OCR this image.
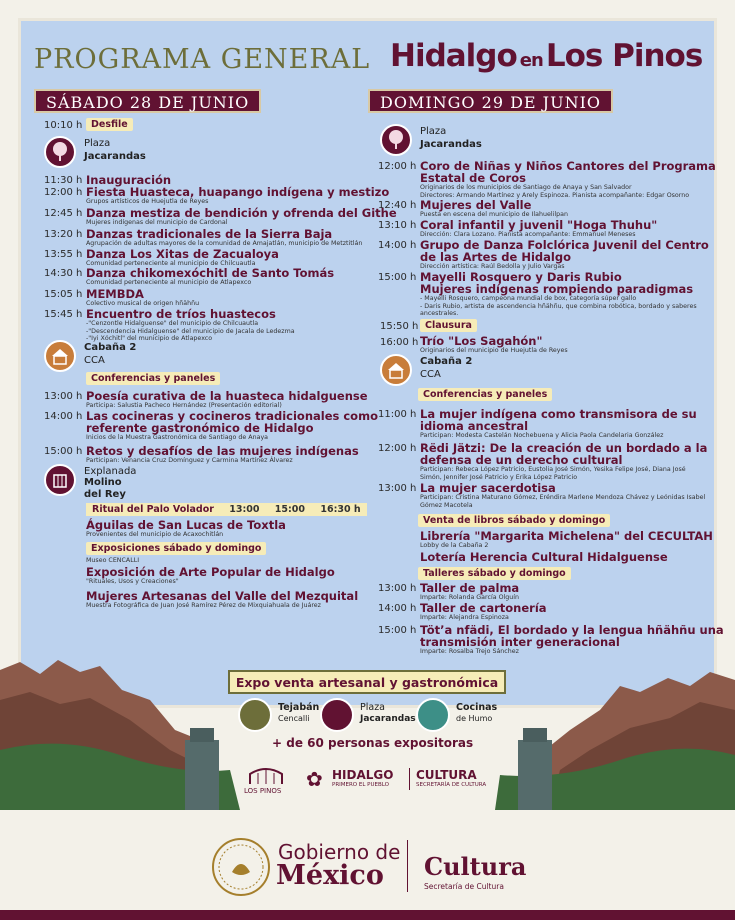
PROGRAMA GENERAL Hidalgo enLos Pinos
SÁBADO 28 DE JUNIO
10:10 h Desfile
Plaza
Jacarandas
11:30 h Inauguración
12:00 h Fiesta Huasteca, huapango indígena y mestizo
Grupos artísticos de Huejutla de Reyes
12:45 h Danza mestiza de bendición y ofrenda del Githe
Mujeres indígenas del municipio de Cardonal
13:20 h Danzas tradicionales de la Sierra Baja
Agrupación de adultas mayores de la comunidad de Amajatlán, municipio de Metztitlán
13:55 h Danza Los Xitas de Zacualoya
Comunidad perteneciente al municipio de Chilcuautla
14:30 h Danza chikomexóchitl de Santo Tomás
Comunidad perteneciente al municipio de Atlapexco
15:05 h MEMBDA
Colectivo musical de origen hñähñu
15:45 h Encuentro de tríos huastecos
-"Cenzontle Hidalguense" del municipio de Chilcuautla
-"Descendencia Hidalguense" del municipio de Jacala de Ledezma
-"Iyi Xóchitl" del municipio de Atlapexco
Cabaña 2
CCA
Conferencias y paneles
13:00 h Poesía curativa de la huasteca hidalguense
Participa: Salustia Pacheco Hernández (Presentación editorial)
14:00 h Las cocineras y cocineros tradicionales como
referente gastronómico de Hidalgo
Inicios de la Muestra Gastronómica de Santiago de Anaya
15:00 h Retos y desafíos de las mujeres indígenas
Participan: Venancia Cruz Domínguez y Carmina Martínez Álvarez
Explanada
Molino
del Rey
Ritual del Palo Volador 13:00 15:00 16:30 h
Águilas de San Lucas de Toxtla
Provenientes del municipio de Acaxochitlán
Exposiciones sábado y domingo
Museo CENCALLI
Exposición de Arte Popular de Hidalgo
"Rituales, Usos y Creaciones"
Mujeres Artesanas del Valle del Mezquital
Muestra Fotográfica de Juan José Ramírez Pérez de Mixquiahuala de Juárez
DOMINGO 29 DE JUNIO
Plaza
Jacarandas
12:00 h Coro de Niñas y Niños Cantores del Programa
Estatal de Coros
Originarios de los municipios de Santiago de Anaya y San Salvador
Directores: Armando Martínez y Arely Espinoza. Pianista acompañante: Edgar Osorno
12:40 h Mujeres del Valle
Puesta en escena del municipio de Ilahuelilpan
13:10 h Coral infantil y juvenil "Hoga Thuhu"
Dirección: Clara Lozano. Pianista acompañante: Emmanuel Meneses
14:00 h Grupo de Danza Folclórica Juvenil del Centro
de las Artes de Hidalgo
Dirección artística: Raúl Bedolla y Julio Vargas
15:00 h Mayelli Rosquero y Daris Rubio
Mujeres indígenas rompiendo paradigmas
- Mayelli Rosquero, campeona mundial de box, categoría súper gallo
- Daris Rubio, artista de ascendencia hñähñu, que combina robótica, bordado y saberes
ancestrales.
15:50 h Clausura
16:00 h Trío "Los Sagahón"
Originarios del municipio de Huejutla de Reyes
Cabaña 2
CCA
Conferencias y paneles
11:00 h La mujer indígena como transmisora de su
idioma ancestral
Participan: Modesta Castelán Nochebuena y Alicia Paola Candelaria González
12:00 h Rëdi Jätzi: De la creación de un bordado a la
defensa de un derecho cultural
Participan: Rebeca López Patricio, Eustolia José Simón, Yesika Felipe José, Diana José
Simón, Jennifer José Patricio y Erika López Patricio
13:00 h La mujer sacerdotisa
Participan: Cristina Maturano Gómez, Eréndira Marlene Mendoza Chávez y Leónidas Isabel
Gómez Macotela
Venta de libros sábado y domingo
Librería "Margarita Michelena" del CECULTAH
Lobby de la Cabaña 2
Lotería Herencia Cultural Hidalguense
Talleres sábado y domingo
13:00 h Taller de palma
Imparte: Rolanda García Olguín
14:00 h Taller de cartonería
Imparte: Alejandra Espinoza
15:00 h Tötʼa nfädi, El bordado y la lengua hñähñu una
transmisión inter generacional
Imparte: Rosalba Trejo Sánchez
Expo venta artesanal y gastronómica
Tejabán
Cencalli
Plaza
Jacarandas
Cocinas
de Humo
+ de 60 personas expositoras
LOS PINOS ✿ HIDALGO
PRIMERO EL PUEBLO
CULTURA
SECRETARÍA DE CULTURA
Gobierno de
México Cultura
Secretaría de Cultura
